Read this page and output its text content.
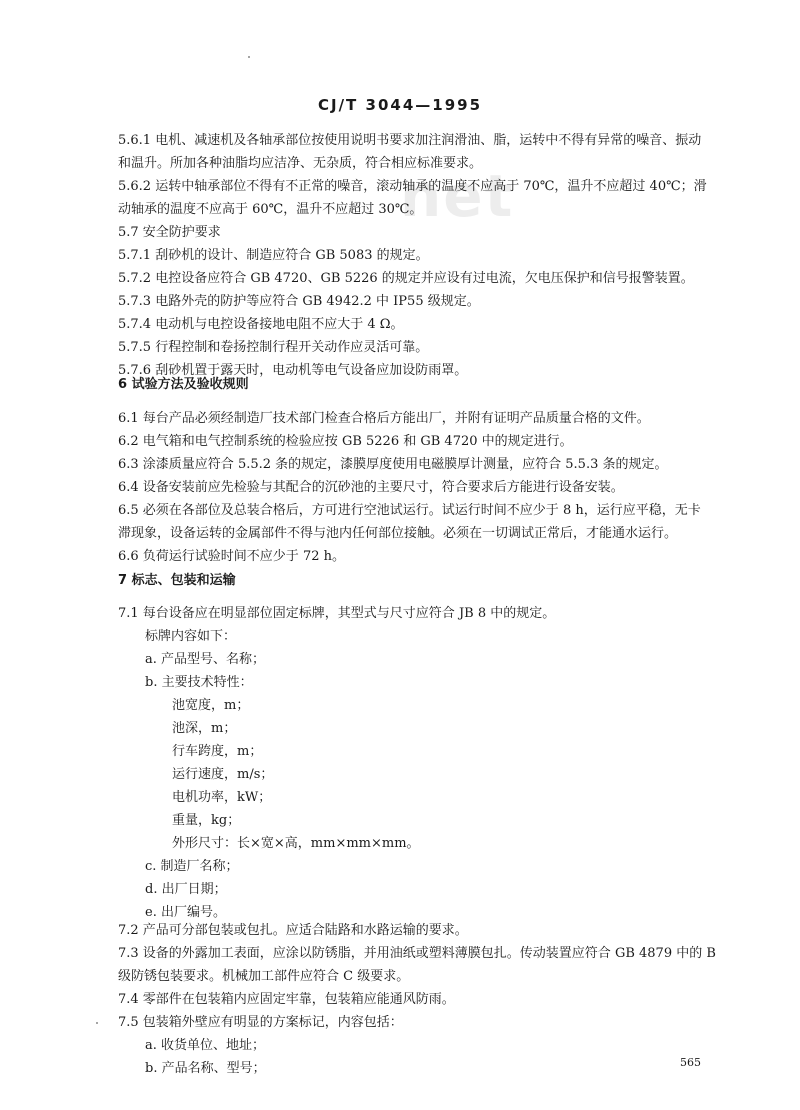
CJ/T 3044—1995
net
5.6.1 电机、减速机及各轴承部位按使用说明书要求加注润滑油、脂，运转中不得有异常的噪音、振动
和温升。所加各种油脂均应洁净、无杂质，符合相应标准要求。
5.6.2 运转中轴承部位不得有不正常的噪音，滚动轴承的温度不应高于 70℃，温升不应超过 40℃；滑
动轴承的温度不应高于 60℃，温升不应超过 30℃。
5.7 安全防护要求
5.7.1 刮砂机的设计、制造应符合 GB 5083 的规定。
5.7.2 电控设备应符合 GB 4720、GB 5226 的规定并应设有过电流，欠电压保护和信号报警装置。
5.7.3 电路外壳的防护等应符合 GB 4942.2 中 IP55 级规定。
5.7.4 电动机与电控设备接地电阻不应大于 4 Ω。
5.7.5 行程控制和卷扬控制行程开关动作应灵活可靠。
5.7.6 刮砂机置于露天时，电动机等电气设备应加设防雨罩。
6 试验方法及验收规则
6.1 每台产品必须经制造厂技术部门检查合格后方能出厂，并附有证明产品质量合格的文件。
6.2 电气箱和电气控制系统的检验应按 GB 5226 和 GB 4720 中的规定进行。
6.3 涂漆质量应符合 5.5.2 条的规定，漆膜厚度使用电磁膜厚计测量，应符合 5.5.3 条的规定。
6.4 设备安装前应先检验与其配合的沉砂池的主要尺寸，符合要求后方能进行设备安装。
6.5 必须在各部位及总装合格后，方可进行空池试运行。试运行时间不应少于 8 h，运行应平稳，无卡
滞现象，设备运转的金属部件不得与池内任何部位接触。必须在一切调试正常后，才能通水运行。
6.6 负荷运行试验时间不应少于 72 h。
7 标志、包装和运输
7.1 每台设备应在明显部位固定标牌，其型式与尺寸应符合 JB 8 中的规定。
标牌内容如下：
a. 产品型号、名称；
b. 主要技术特性：
池宽度，m；
池深，m；
行车跨度，m；
运行速度，m/s；
电机功率，kW；
重量，kg；
外形尺寸：长×宽×高，mm×mm×mm。
c. 制造厂名称；
d. 出厂日期；
e. 出厂编号。
7.2 产品可分部包装或包扎。应适合陆路和水路运输的要求。
7.3 设备的外露加工表面，应涂以防锈脂，并用油纸或塑料薄膜包扎。传动装置应符合 GB 4879 中的 B
级防锈包装要求。机械加工部件应符合 C 级要求。
7.4 零部件在包装箱内应固定牢靠，包装箱应能通风防雨。
7.5 包装箱外壁应有明显的方案标记，内容包括：
a. 收货单位、地址；
b. 产品名称、型号；	565
